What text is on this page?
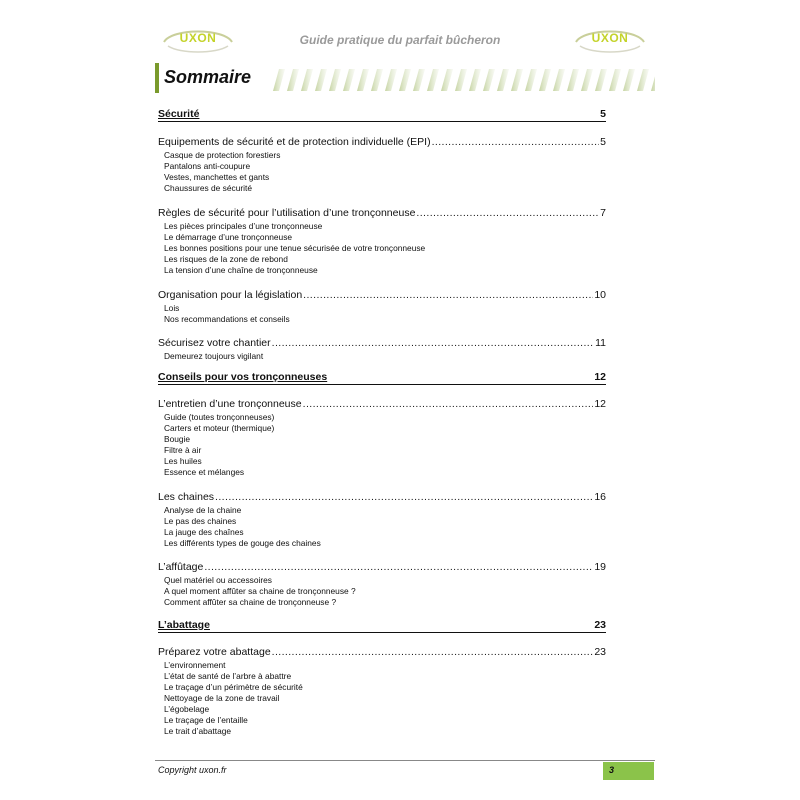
UXON	Guide pratique du parfait bûcheron	UXON
Sommaire
Sécurité	5
Equipements de sécurité et de protection individuelle (EPI) .....	5
Casque de protection forestiers
Pantalons anti-coupure
Vestes, manchettes et gants
Chaussures de sécurité
Règles de sécurité pour l’utilisation d’une tronçonneuse .....	7
Les pièces principales d’une tronçonneuse
Le démarrage d’une tronçonneuse
Les bonnes positions pour une tenue sécurisée de votre tronçonneuse
Les risques de la zone de rebond
La tension d’une chaîne de tronçonneuse
Organisation pour la législation .....	10
Lois
Nos recommandations et conseils
Sécurisez votre chantier .....	11
Demeurez toujours vigilant
Conseils pour vos tronçonneuses	12
L’entretien d’une tronçonneuse .....	12
Guide (toutes tronçonneuses)
Carters et moteur (thermique)
Bougie
Filtre à air
Les huiles
Essence et mélanges
Les chaines .....	16
Analyse de la chaine
Le pas des chaines
La jauge des chaînes
Les différents types de gouge des chaines
L’affûtage .....	19
Quel matériel ou accessoires
A quel moment affûter sa chaine de tronçonneuse ?
Comment affûter sa chaine de tronçonneuse ?
L’abattage	23
Préparez votre abattage .....	23
L’environnement
L’état de santé de l’arbre à abattre
Le traçage d’un périmètre de sécurité
Nettoyage de la zone de travail
L’égobelage
Le traçage de l’entaille
Le trait d’abattage
Copyright uxon.fr	3
